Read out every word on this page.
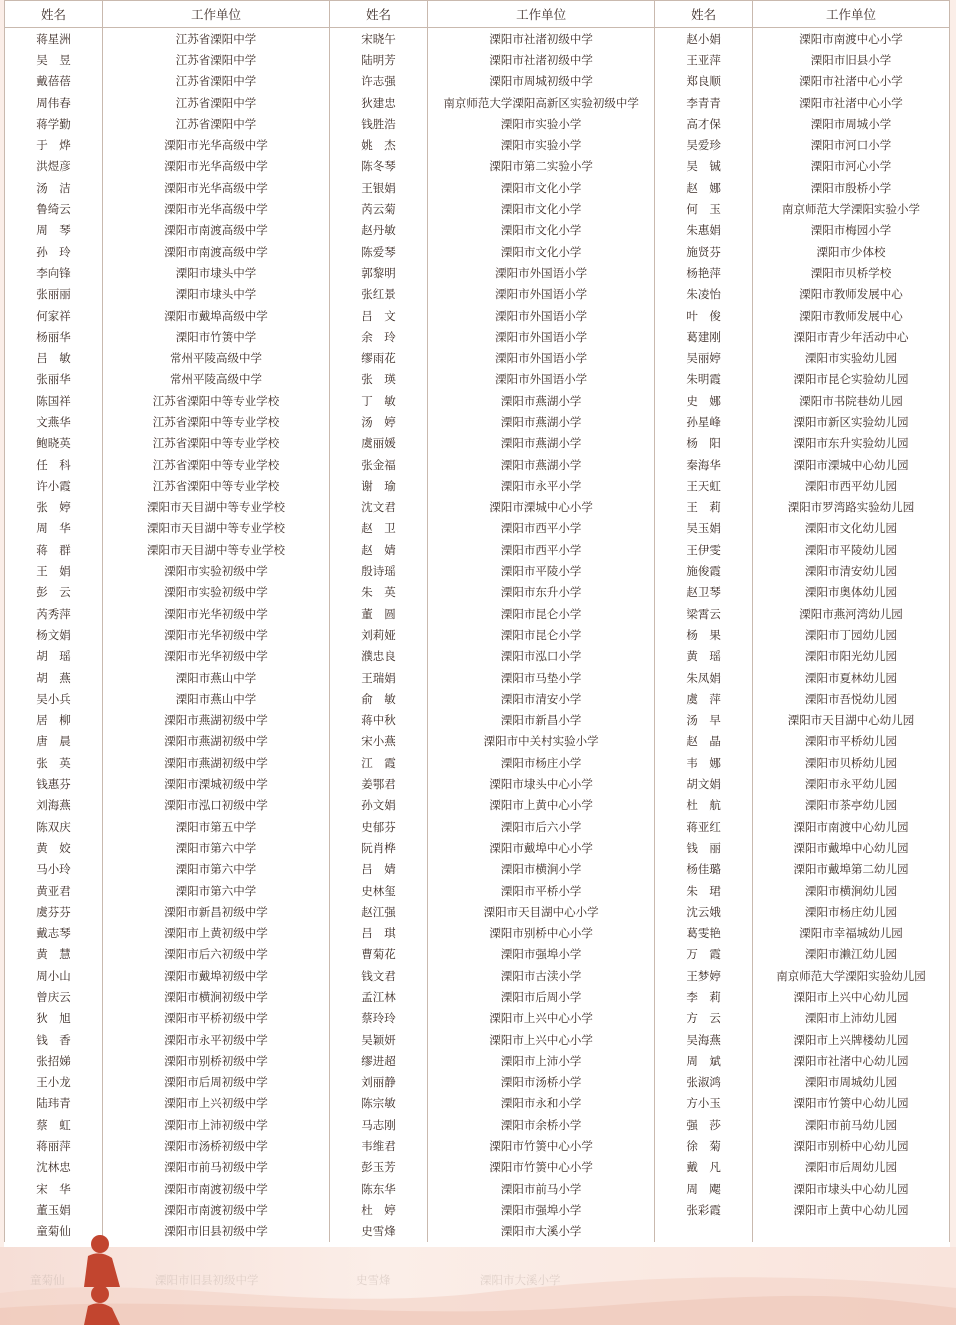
姓名	工作单位	姓名	工作单位	姓名	工作单位
蒋星洲	江苏省溧阳中学	宋晓午	溧阳市社渚初级中学	赵小娟	溧阳市南渡中心小学
吴　昱	江苏省溧阳中学	陆明芳	溧阳市社渚初级中学	王亚萍	溧阳市旧县小学
戴蓓蓓	江苏省溧阳中学	许志强	溧阳市周城初级中学	郑良顺	溧阳市社渚中心小学
周伟春	江苏省溧阳中学	狄建忠	南京师范大学溧阳高新区实验初级中学	李青青	溧阳市社渚中心小学
蒋学勤	江苏省溧阳中学	钱胜浩	溧阳市实验小学	高才保	溧阳市周城小学
于　烨	溧阳市光华高级中学	姚　杰	溧阳市实验小学	吴爱珍	溧阳市河口小学
洪煜彦	溧阳市光华高级中学	陈冬琴	溧阳市第二实验小学	吴　铖	溧阳市河心小学
汤　洁	溧阳市光华高级中学	王银娟	溧阳市文化小学	赵　娜	溧阳市殷桥小学
鲁绮云	溧阳市光华高级中学	芮云菊	溧阳市文化小学	何　玉	南京师范大学溧阳实验小学
周　琴	溧阳市南渡高级中学	赵丹敏	溧阳市文化小学	朱惠娟	溧阳市梅园小学
孙　玲	溧阳市南渡高级中学	陈爱琴	溧阳市文化小学	施贤芬	溧阳市少体校
李向锋	溧阳市埭头中学	郭黎明	溧阳市外国语小学	杨艳萍	溧阳市贝桥学校
张丽丽	溧阳市埭头中学	张红景	溧阳市外国语小学	朱凌怡	溧阳市教师发展中心
何家祥	溧阳市戴埠高级中学	吕　文	溧阳市外国语小学	叶　俊	溧阳市教师发展中心
杨丽华	溧阳市竹箦中学	余　玲	溧阳市外国语小学	葛建刚	溧阳市青少年活动中心
吕　敏	常州平陵高级中学	缪雨花	溧阳市外国语小学	吴丽婷	溧阳市实验幼儿园
张丽华	常州平陵高级中学	张　瑛	溧阳市外国语小学	朱明霞	溧阳市昆仑实验幼儿园
陈国祥	江苏省溧阳中等专业学校	丁　敏	溧阳市燕湖小学	史　娜	溧阳市书院巷幼儿园
文燕华	江苏省溧阳中等专业学校	汤　婷	溧阳市燕湖小学	孙星峰	溧阳市新区实验幼儿园
鲍晓英	江苏省溧阳中等专业学校	虞丽媛	溧阳市燕湖小学	杨　阳	溧阳市东升实验幼儿园
任　科	江苏省溧阳中等专业学校	张金福	溧阳市燕湖小学	秦海华	溧阳市溧城中心幼儿园
许小霞	江苏省溧阳中等专业学校	谢　瑜	溧阳市永平小学	王天虹	溧阳市西平幼儿园
张　婷	溧阳市天目湖中等专业学校	沈文君	溧阳市溧城中心小学	王　莉	溧阳市罗湾路实验幼儿园
周　华	溧阳市天目湖中等专业学校	赵　卫	溧阳市西平小学	吴玉娟	溧阳市文化幼儿园
蒋　群	溧阳市天目湖中等专业学校	赵　婧	溧阳市西平小学	王伊雯	溧阳市平陵幼儿园
王　娟	溧阳市实验初级中学	殷诗瑶	溧阳市平陵小学	施俊霞	溧阳市清安幼儿园
彭　云	溧阳市实验初级中学	朱　英	溧阳市东升小学	赵卫琴	溧阳市奥体幼儿园
芮秀萍	溧阳市光华初级中学	董　圆	溧阳市昆仑小学	梁霄云	溧阳市燕河湾幼儿园
杨文娟	溧阳市光华初级中学	刘莉娅	溧阳市昆仑小学	杨　果	溧阳市丁园幼儿园
胡　瑶	溧阳市光华初级中学	濮忠良	溧阳市泓口小学	黄　瑶	溧阳市阳光幼儿园
胡　燕	溧阳市燕山中学	王瑞娟	溧阳市马垫小学	朱凤娟	溧阳市夏林幼儿园
吴小兵	溧阳市燕山中学	俞　敏	溧阳市清安小学	虞　萍	溧阳市吾悦幼儿园
居　柳	溧阳市燕湖初级中学	蒋中秋	溧阳市新昌小学	汤　早	溧阳市天目湖中心幼儿园
唐　晨	溧阳市燕湖初级中学	宋小燕	溧阳市中关村实验小学	赵　晶	溧阳市平桥幼儿园
张　英	溧阳市燕湖初级中学	江　霞	溧阳市杨庄小学	韦　娜	溧阳市贝桥幼儿园
钱惠芬	溧阳市溧城初级中学	姜鄂君	溧阳市埭头中心小学	胡文娟	溧阳市永平幼儿园
刘海燕	溧阳市泓口初级中学	孙文娟	溧阳市上黄中心小学	杜　航	溧阳市茶亭幼儿园
陈双庆	溧阳市第五中学	史郁芬	溧阳市后六小学	蒋亚红	溧阳市南渡中心幼儿园
黄　姣	溧阳市第六中学	阮肖桦	溧阳市戴埠中心小学	钱　丽	溧阳市戴埠中心幼儿园
马小玲	溧阳市第六中学	吕　婧	溧阳市横涧小学	杨佳璐	溧阳市戴埠第二幼儿园
黄亚君	溧阳市第六中学	史林玺	溧阳市平桥小学	朱　珺	溧阳市横涧幼儿园
虞芬芬	溧阳市新昌初级中学	赵江强	溧阳市天目湖中心小学	沈云娥	溧阳市杨庄幼儿园
戴志琴	溧阳市上黄初级中学	吕　琪	溧阳市别桥中心小学	葛雯艳	溧阳市幸福城幼儿园
黄　慧	溧阳市后六初级中学	曹菊花	溧阳市强埠小学	万　霞	溧阳市濑江幼儿园
周小山	溧阳市戴埠初级中学	钱文君	溧阳市古渎小学	王梦婷	南京师范大学溧阳实验幼儿园
曾庆云	溧阳市横涧初级中学	孟江林	溧阳市后周小学	李　莉	溧阳市上兴中心幼儿园
狄　旭	溧阳市平桥初级中学	蔡玲玲	溧阳市上兴中心小学	方　云	溧阳市上沛幼儿园
钱　香	溧阳市永平初级中学	吴颖妍	溧阳市上兴中心小学	吴海燕	溧阳市上兴牌楼幼儿园
张招娣	溧阳市别桥初级中学	缪进超	溧阳市上沛小学	周　斌	溧阳市社渚中心幼儿园
王小龙	溧阳市后周初级中学	刘丽静	溧阳市汤桥小学	张淑鸿	溧阳市周城幼儿园
陆玮青	溧阳市上兴初级中学	陈宗敏	溧阳市永和小学	方小玉	溧阳市竹箦中心幼儿园
蔡　虹	溧阳市上沛初级中学	马志刚	溧阳市余桥小学	强　莎	溧阳市前马幼儿园
蒋丽萍	溧阳市汤桥初级中学	韦维君	溧阳市竹箦中心小学	徐　菊	溧阳市别桥中心幼儿园
沈林忠	溧阳市前马初级中学	彭玉芳	溧阳市竹箦中心小学	戴　凡	溧阳市后周幼儿园
宋　华	溧阳市南渡初级中学	陈东华	溧阳市前马小学	周　飔	溧阳市埭头中心幼儿园
董玉娟	溧阳市南渡初级中学	杜　婷	溧阳市强埠小学	张彩霞	溧阳市上黄中心幼儿园
童菊仙	溧阳市旧县初级中学	史雪烽	溧阳市大溪小学		
童菊仙	溧阳市旧县初级中学	史雪烽	溧阳市大溪小学
